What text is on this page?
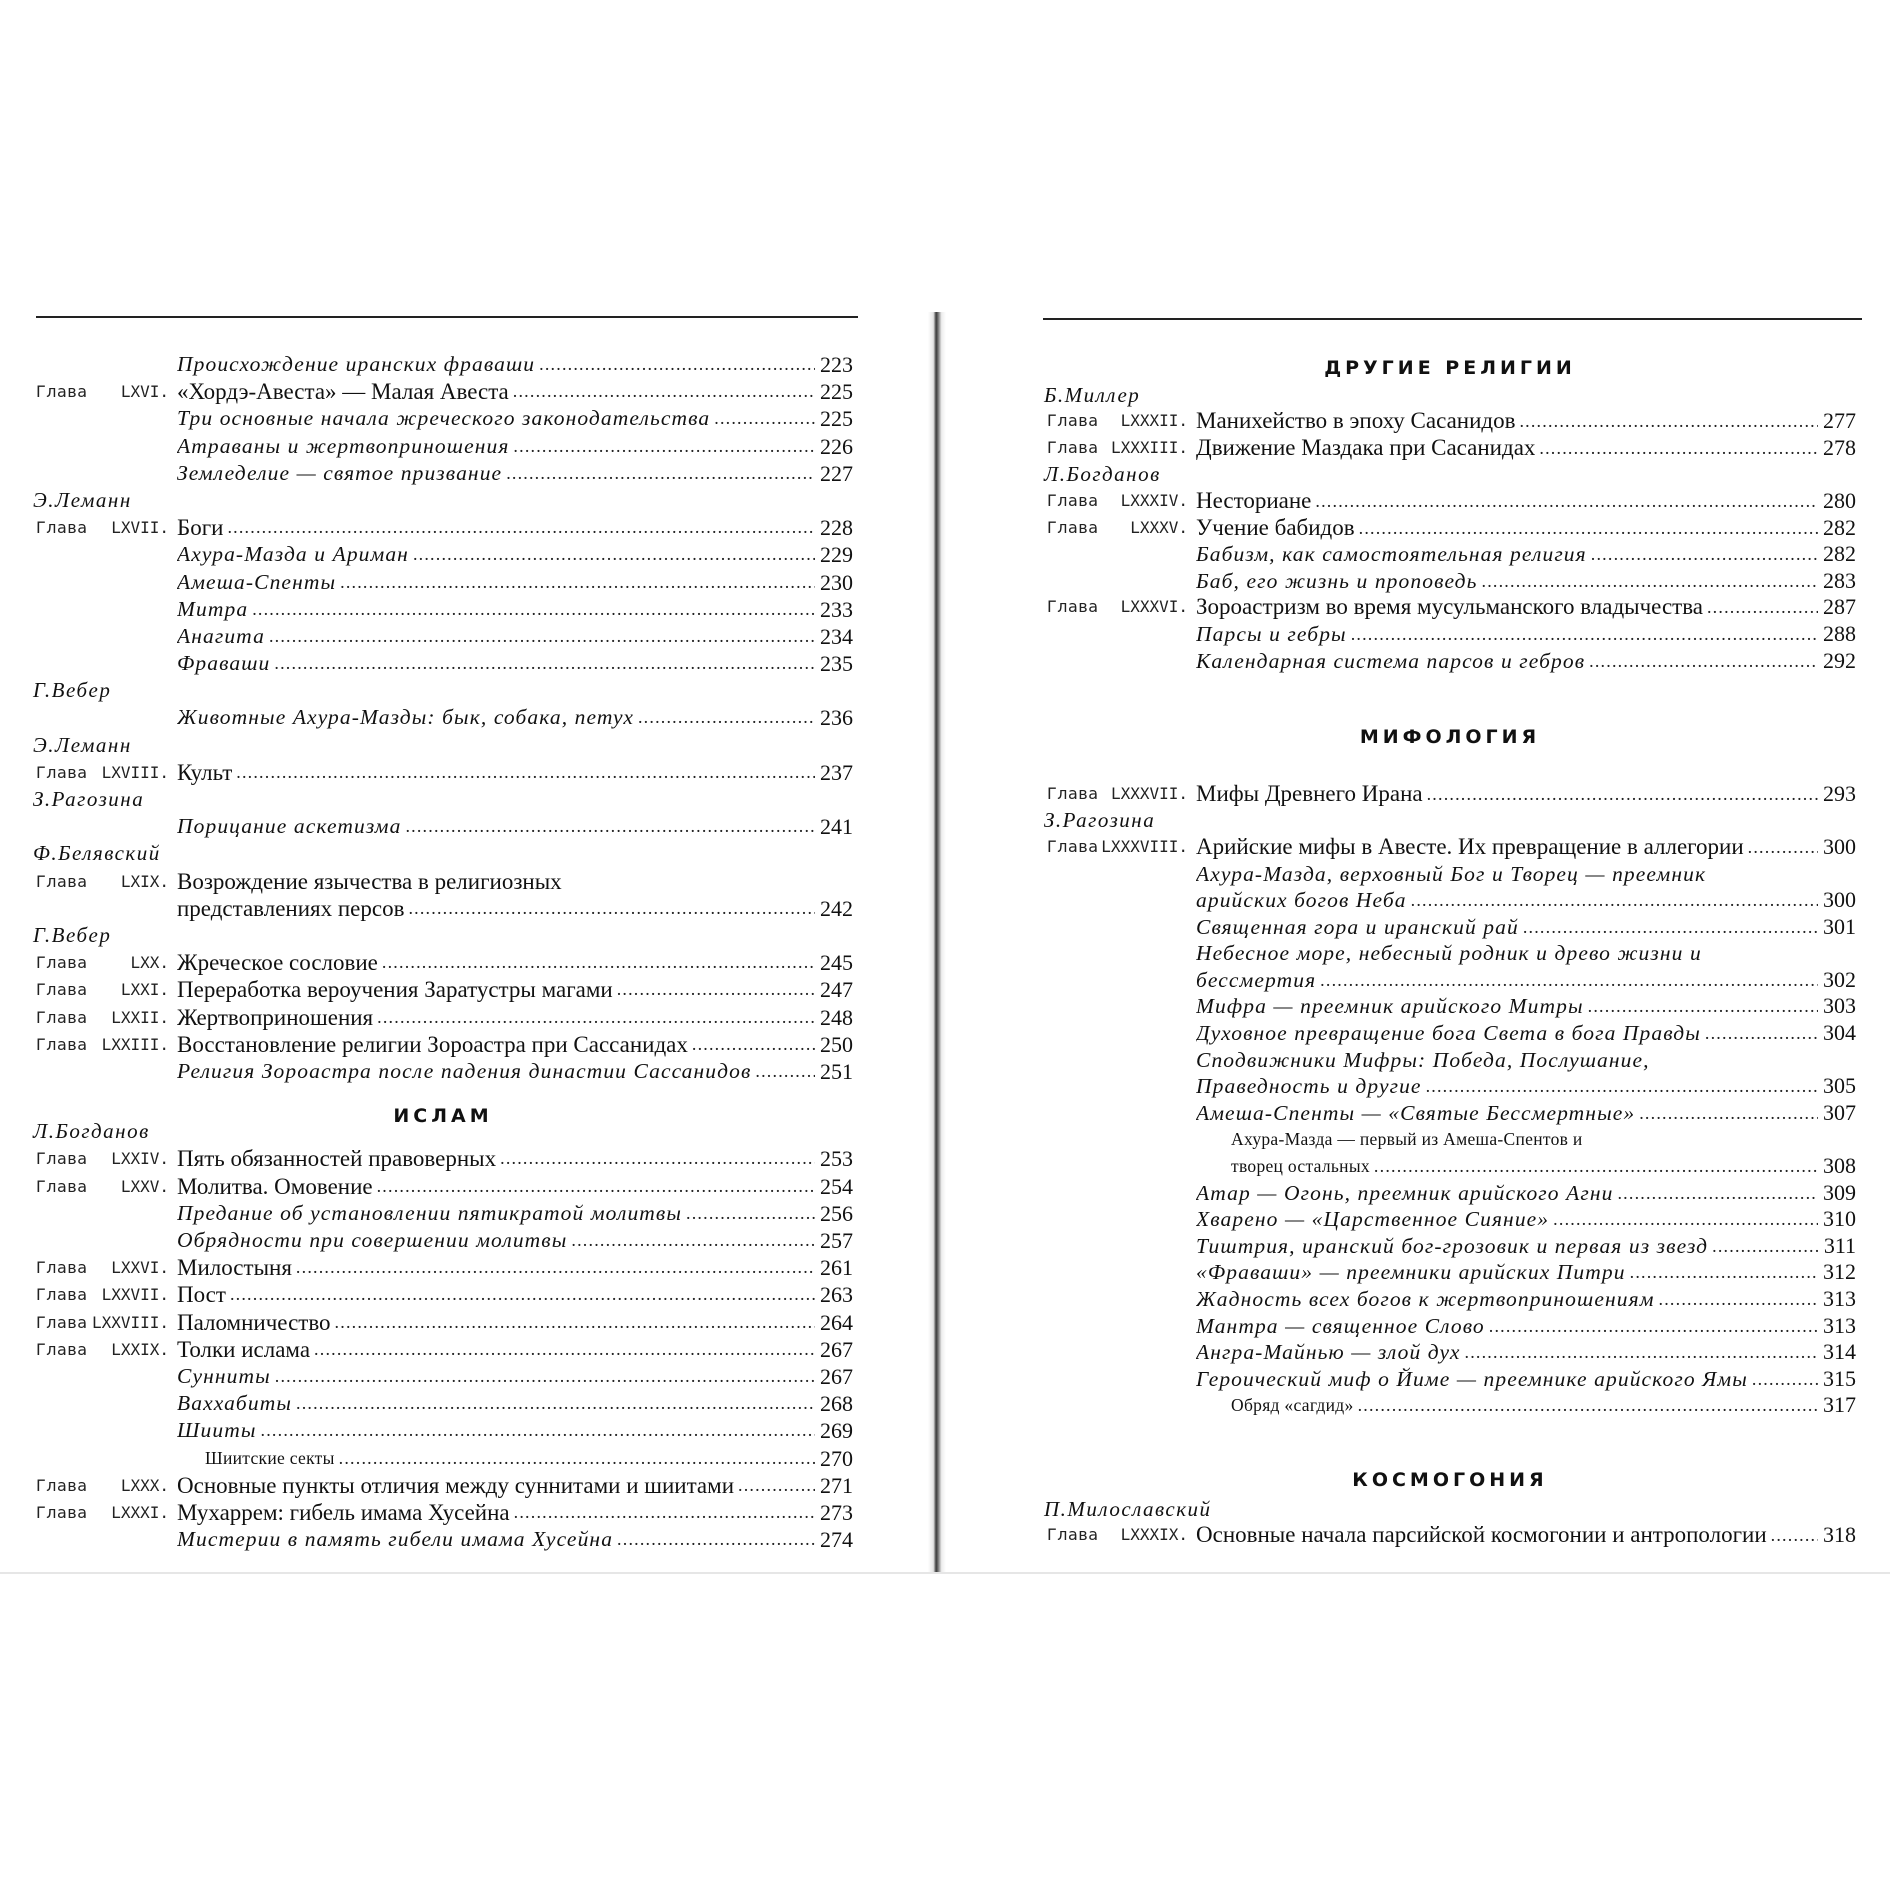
Происхождение иранских фраваши .....	223
Глава LXVI. «Хордэ-Авеста» — Малая Авеста .....	225
Три основные начала жреческого законодательства .....	225
Атраваны и жертвоприношения .....	226
Земледелие — святое призвание .....	227
Э.Леманн
Глава LXVII. Боги .....	228
Ахура-Мазда и Ариман .....	229
Амеша-Спенты .....	230
Митра .....	233
Анагита .....	234
Фраваши .....	235
Г.Вебер
Животные Ахура-Мазды: бык, собака, петух .....	236
Э.Леманн
Глава LXVIII. Культ .....	237
З.Рагозина
Порицание аскетизма .....	241
Ф.Белявский
Глава LXIX. Возрождение язычества в религиозных
представлениях персов .....	242
Г.Вебер
Глава	LXX. Жреческое сословие .....	245
Глава LXXI. Переработка вероучения Заратустры магами .....	247
Глава LXXII. Жертвоприношения .....	248
Глава LXXIII. Восстановление религии Зороастра при Сассанидах .....	250
Религия Зороастра после падения династии Сассанидов .....	251
ИСЛАМ
Л.Богданов
Глава LXXIV. Пять обязанностей правоверных .....	253
Глава LXXV. Молитва. Омовение .....	254
Предание об установлении пятикратой молитвы .....	256
Обрядности при совершении молитвы .....	257
Глава LXXVI. Милостыня .....	261
Глава LXXVII. Пост .....	263
Глава LXXVIII. Паломничество .....	264
Глава LXXIX. Толки ислама .....	267
Сунниты .....	267
Ваххабиты .....	268
Шииты .....	269
Шиитские секты .....	270
Глава LXXX. Основные пункты отличия между суннитами и шиитами .....	271
Глава LXXXI. Мухаррем: гибель имама Хусейна .....	273
Мистерии в память гибели имама Хусейна .....	274
ДРУГИЕ РЕЛИГИИ
Б.Миллер
Глава LXXXII. Манихейство в эпоху Сасанидов .....	277
Глава LXXXIII. Движение Маздака при Сасанидах .....	278
Л.Богданов
Глава LXXXIV. Несториане .....	280
Глава LXXXV. Учение бабидов .....	282
Бабизм, как самостоятельная религия .....	282
Баб, его жизнь и проповедь .....	283
Глава LXXXVI. Зороастризм во время мусульманского владычества .....	287
Парсы и гебры .....	288
Календарная система парсов и гебров .....	292
МИФОЛОГИЯ
Глава LXXXVII. Мифы Древнего Ирана .....	293
З.Рагозина
Глава LXXXVIII. Арийские мифы в Авесте. Их превращение в аллегории .....	300
Ахура-Мазда, верховный Бог и Творец — преемник
арийских богов Неба .....	300
Священная гора и иранский рай .....	301
Небесное море, небесный родник и древо жизни и
бессмертия .....	302
Мифра — преемник арийского Митры .....	303
Духовное превращение бога Света в бога Правды .....	304
Сподвижники Мифры: Победа, Послушание,
Праведность и другие .....	305
Амеша-Спенты — «Святые Бессмертные» .....	307
Ахура-Мазда — первый из Амеша-Спентов и
творец остальных .....	308
Атар — Огонь, преемник арийского Агни .....	309
Хварено — «Царственное Сияние» .....	310
Тиштрия, иранский бог-грозовик и первая из звезд .....	311
«Фраваши» — преемники арийских Питри .....	312
Жадность всех богов к жертвоприношениям .....	313
Мантра — священное Слово .....	313
Ангра-Майнью — злой дух .....	314
Героический миф о Йиме — преемнике арийского Ямы .....	315
Обряд «сагдид» .....	317
КОСМОГОНИЯ
П.Милославский
Глава LXXXIX. Основные начала парсийской космогонии и антропологии .....	318
